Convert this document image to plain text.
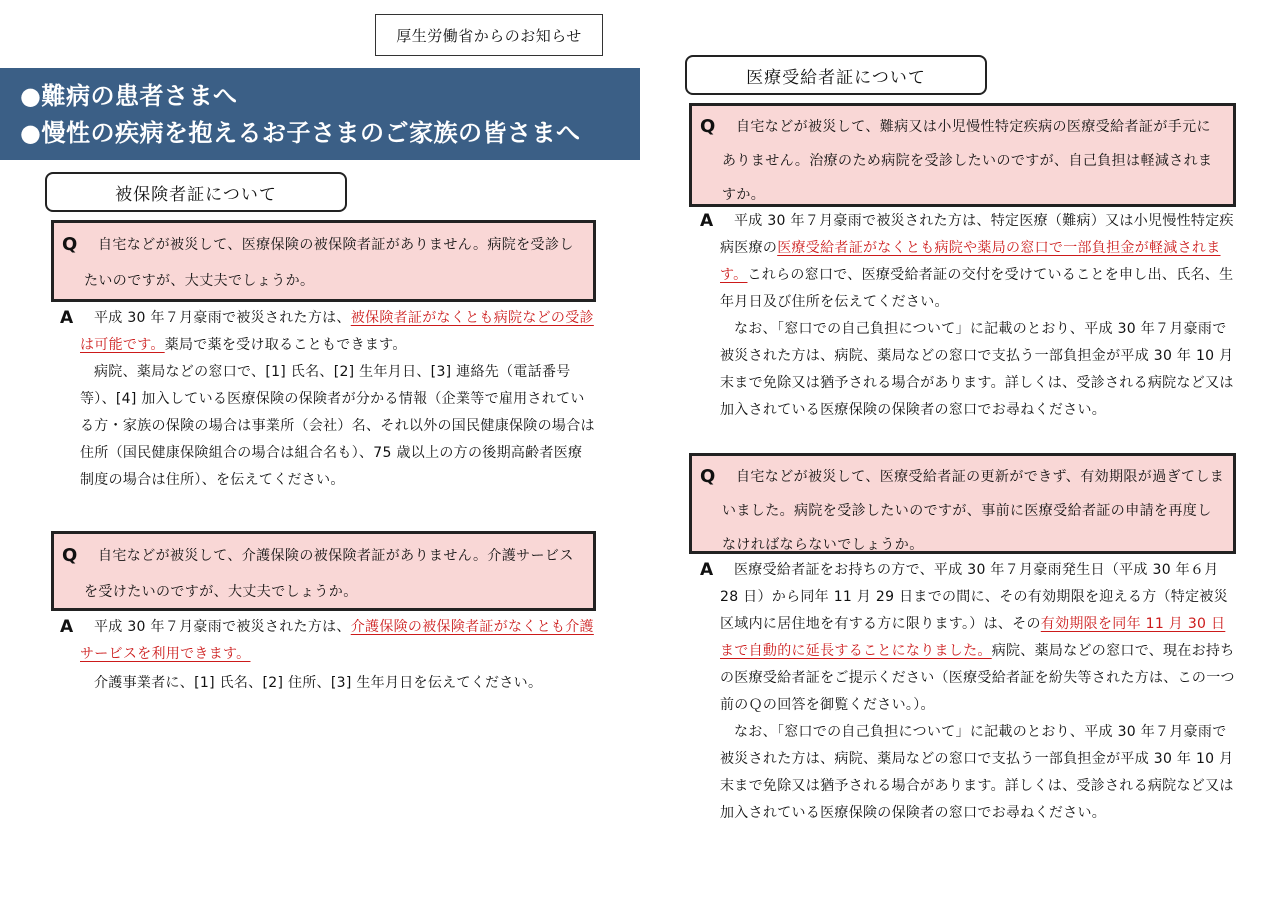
厚生労働省からのお知らせ
●難病の患者さまへ
●慢性の疾病を抱えるお子さまのご家族の皆さまへ
被保険者証について
Q	自宅などが被災して、医療保険の被保険者証がありません。病院を受診したいのですが、大丈夫でしょうか。
A	平成 30 年７月豪雨で被災された方は、被保険者証がなくとも病院などの受診は可能です。薬局で薬を受け取ることもできます。

病院、薬局などの窓口で、[1] 氏名、[2] 生年月日、[3] 連絡先（電話番号等）、[4] 加入している医療保険の保険者が分かる情報（企業等で雇用されている方・家族の保険の場合は事業所（会社）名、それ以外の国民健康保険の場合は住所（国民健康保険組合の場合は組合名も）、75 歳以上の方の後期高齢者医療制度の場合は住所）、を伝えてください。

Q	自宅などが被災して、介護保険の被保険者証がありません。介護サービスを受けたいのですが、大丈夫でしょうか。
A	平成 30 年７月豪雨で被災された方は、介護保険の被保険者証がなくとも介護サービスを利用できます。

介護事業者に、[1] 氏名、[2] 住所、[3] 生年月日を伝えてください。

医療受給者証について
Q	自宅などが被災して、難病又は小児慢性特定疾病の医療受給者証が手元にありません。治療のため病院を受診したいのですが、自己負担は軽減されますか。
A	平成 30 年７月豪雨で被災された方は、特定医療（難病）又は小児慢性特定疾病医療の医療受給者証がなくとも病院や薬局の窓口で一部負担金が軽減されます。これらの窓口で、医療受給者証の交付を受けていることを申し出、氏名、生年月日及び住所を伝えてください。

なお、「窓口での自己負担について」に記載のとおり、平成 30 年７月豪雨で被災された方は、病院、薬局などの窓口で支払う一部負担金が平成 30 年 10 月末まで免除又は猶予される場合があります。詳しくは、受診される病院など又は加入されている医療保険の保険者の窓口でお尋ねください。

Q	自宅などが被災して、医療受給者証の更新ができず、有効期限が過ぎてしまいました。病院を受診したいのですが、事前に医療受給者証の申請を再度しなければならないでしょうか。
A	医療受給者証をお持ちの方で、平成 30 年７月豪雨発生日（平成 30 年６月 28 日）から同年 11 月 29 日までの間に、その有効期限を迎える方（特定被災区域内に居住地を有する方に限ります。）は、その有効期限を同年 11 月 30 日まで自動的に延長することになりました。病院、薬局などの窓口で、現在お持ちの医療受給者証をご提示ください（医療受給者証を紛失等された方は、この一つ前のＱの回答を御覧ください。）。

なお、「窓口での自己負担について」に記載のとおり、平成 30 年７月豪雨で被災された方は、病院、薬局などの窓口で支払う一部負担金が平成 30 年 10 月末まで免除又は猶予される場合があります。詳しくは、受診される病院など又は加入されている医療保険の保険者の窓口でお尋ねください。
